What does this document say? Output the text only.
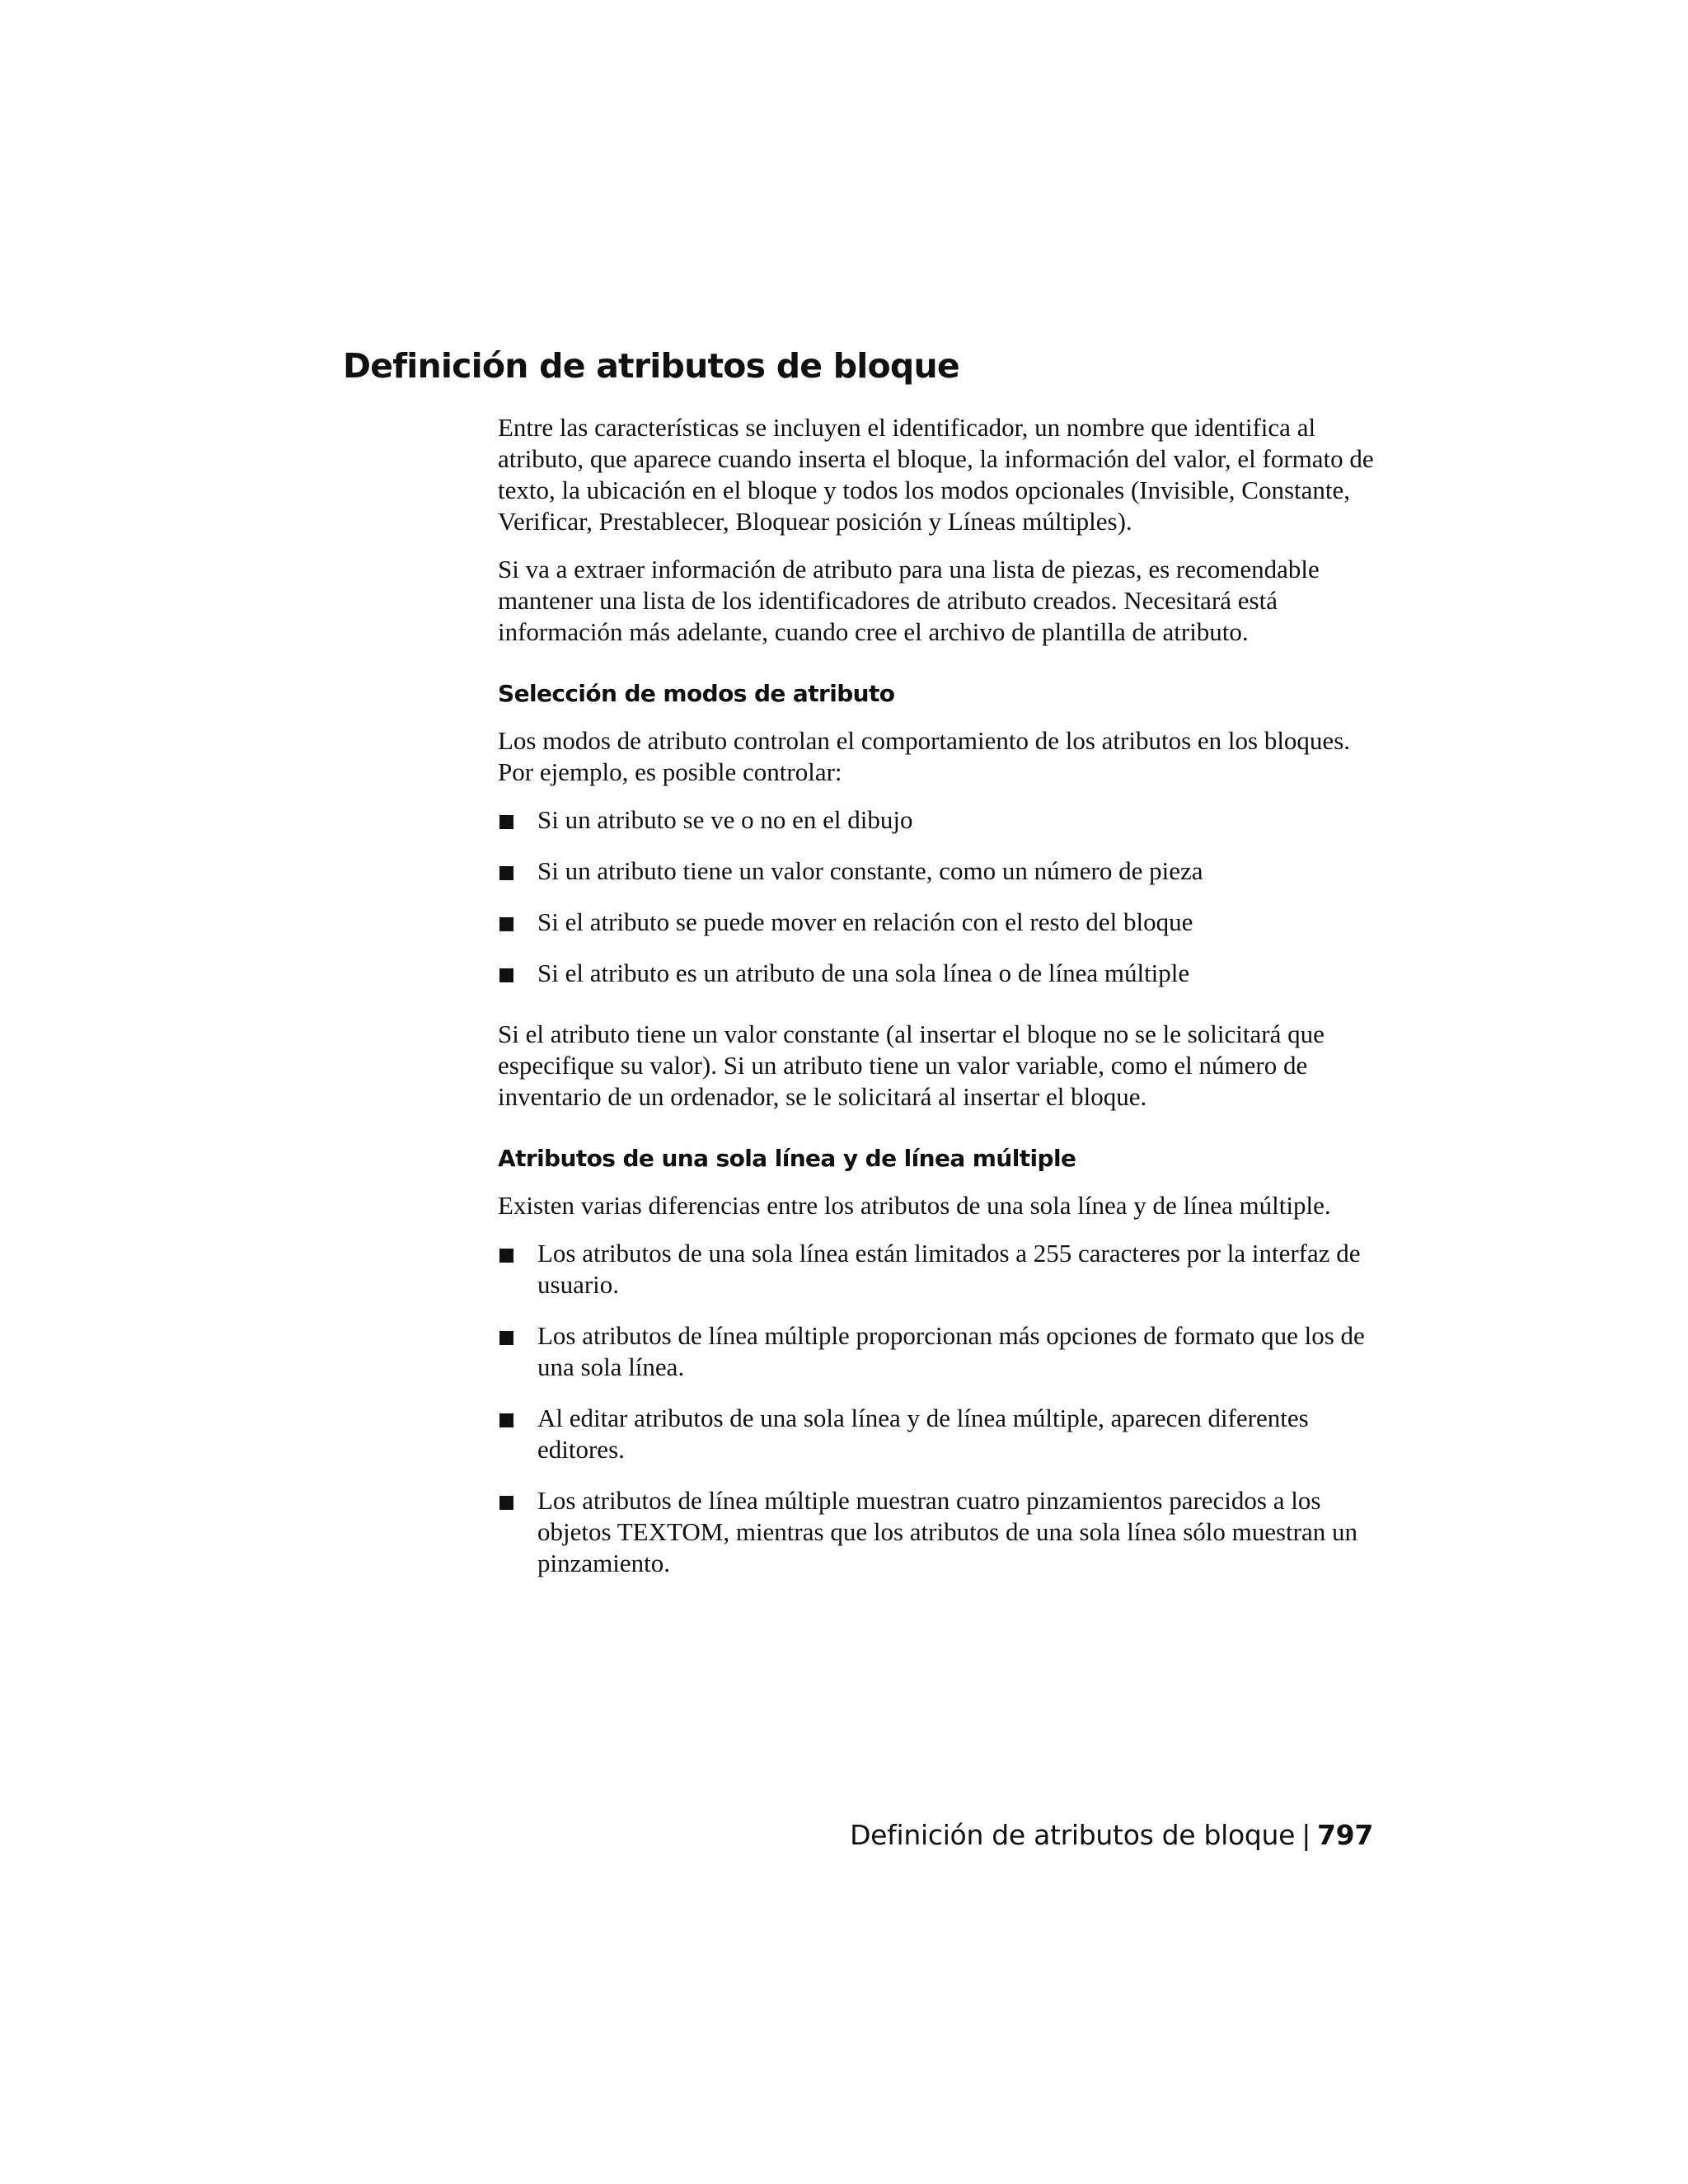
Definición de atributos de bloque

Entre las características se incluyen el identificador, un nombre que identifica al atributo, que aparece cuando inserta el bloque, la información del valor, el formato de texto, la ubicación en el bloque y todos los modos opcionales (Invisible, Constante, Verificar, Prestablecer, Bloquear posición y Líneas múltiples).

Si va a extraer información de atributo para una lista de piezas, es recomendable mantener una lista de los identificadores de atributo creados. Necesitará está información más adelante, cuando cree el archivo de plantilla de atributo.

Selección de modos de atributo

Los modos de atributo controlan el comportamiento de los atributos en los bloques. Por ejemplo, es posible controlar:

Si un atributo se ve o no en el dibujo
Si un atributo tiene un valor constante, como un número de pieza
Si el atributo se puede mover en relación con el resto del bloque
Si el atributo es un atributo de una sola línea o de línea múltiple

Si el atributo tiene un valor constante (al insertar el bloque no se le solicitará que especifique su valor). Si un atributo tiene un valor variable, como el número de inventario de un ordenador, se le solicitará al insertar el bloque.

Atributos de una sola línea y de línea múltiple

Existen varias diferencias entre los atributos de una sola línea y de línea múltiple.

Los atributos de una sola línea están limitados a 255 caracteres por la interfaz de usuario.
Los atributos de línea múltiple proporcionan más opciones de formato que los de una sola línea.
Al editar atributos de una sola línea y de línea múltiple, aparecen diferentes editores.
Los atributos de línea múltiple muestran cuatro pinzamientos parecidos a los objetos TEXTOM, mientras que los atributos de una sola línea sólo muestran un pinzamiento.
Definición de atributos de bloque | 797
